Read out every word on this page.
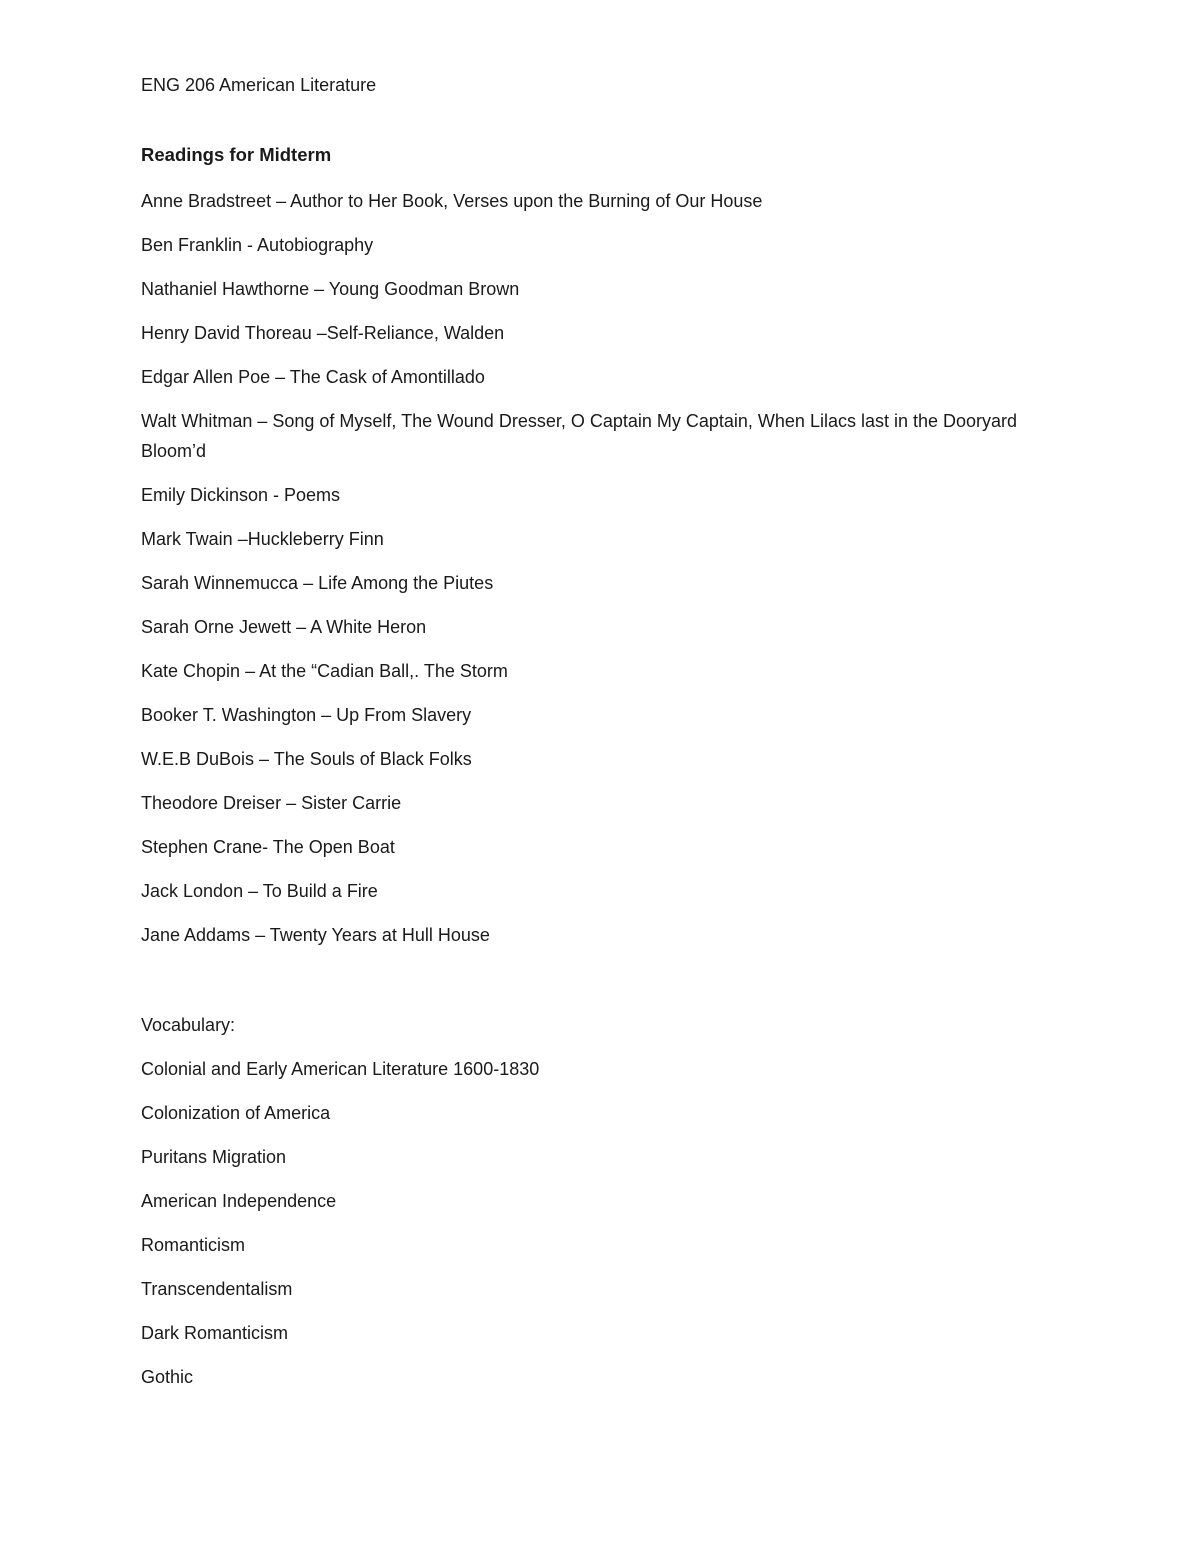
ENG 206 American Literature

Readings for Midterm

Anne Bradstreet – Author to Her Book, Verses upon the Burning of Our House
Ben Franklin - Autobiography
Nathaniel Hawthorne – Young Goodman Brown
Henry David Thoreau –Self-Reliance, Walden
Edgar Allen Poe – The Cask of Amontillado
Walt Whitman – Song of Myself, The Wound Dresser, O Captain My Captain, When Lilacs last in the Dooryard Bloom’d
Emily Dickinson - Poems
Mark Twain –Huckleberry Finn
Sarah Winnemucca – Life Among the Piutes
Sarah Orne Jewett – A White Heron
Kate Chopin – At the “Cadian Ball,. The Storm
Booker T. Washington – Up From Slavery
W.E.B DuBois – The Souls of Black Folks
Theodore Dreiser – Sister Carrie
Stephen Crane- The Open Boat
Jack London – To Build a Fire
Jane Addams – Twenty Years at Hull House

Vocabulary:

Colonial and Early American Literature 1600-1830
Colonization of America
Puritans Migration
American Independence
Romanticism
Transcendentalism
Dark Romanticism
Gothic
